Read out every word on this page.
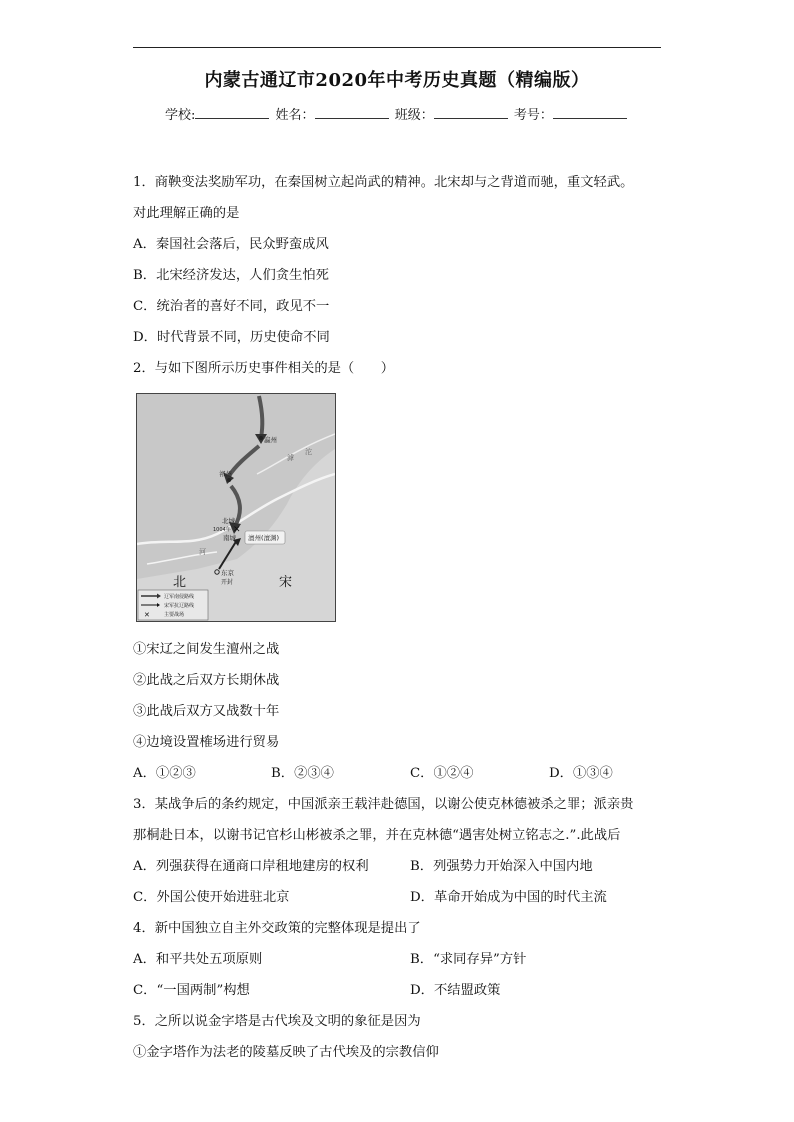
内蒙古通辽市2020年中考历史真题（精编版）
学校:	姓名：	班级：	考号：
1．商鞅变法奖励军功，在秦国树立起尚武的精神。北宋却与之背道而驰，重文轻武。
对此理解正确的是
A．秦国社会落后，民众野蛮成风
B．北宋经济发达，人们贪生怕死
C．统治者的喜好不同，政见不一
D．时代背景不同，历史使命不同
2．与如下图所示历史事件相关的是（　　）
✕
瀛州
祁州
北城
1004年
南城 澶州(澶渊)
东京
开封
滹
沱
河
北	宋
✕
辽军南侵路线
宋军抗辽路线
主要战场
①宋辽之间发生澶州之战
②此战之后双方长期休战
③此战后双方又战数十年
④边境设置榷场进行贸易
A．①②③	B．②③④	C．①②④	D．①③④
3．某战争后的条约规定，中国派亲王载沣赴德国，以谢公使克林德被杀之罪；派亲贵
那桐赴日本，以谢书记官杉山彬被杀之罪，并在克林德“遇害处树立铭志之.”.此战后
A．列强获得在通商口岸租地建房的权利	B．列强势力开始深入中国内地
C．外国公使开始进驻北京	D．革命开始成为中国的时代主流
4．新中国独立自主外交政策的完整体现是提出了
A．和平共处五项原则	B．“求同存异”方针
C．“一国两制”构想	D．不结盟政策
5．之所以说金字塔是古代埃及文明的象征是因为
①金字塔作为法老的陵墓反映了古代埃及的宗教信仰
